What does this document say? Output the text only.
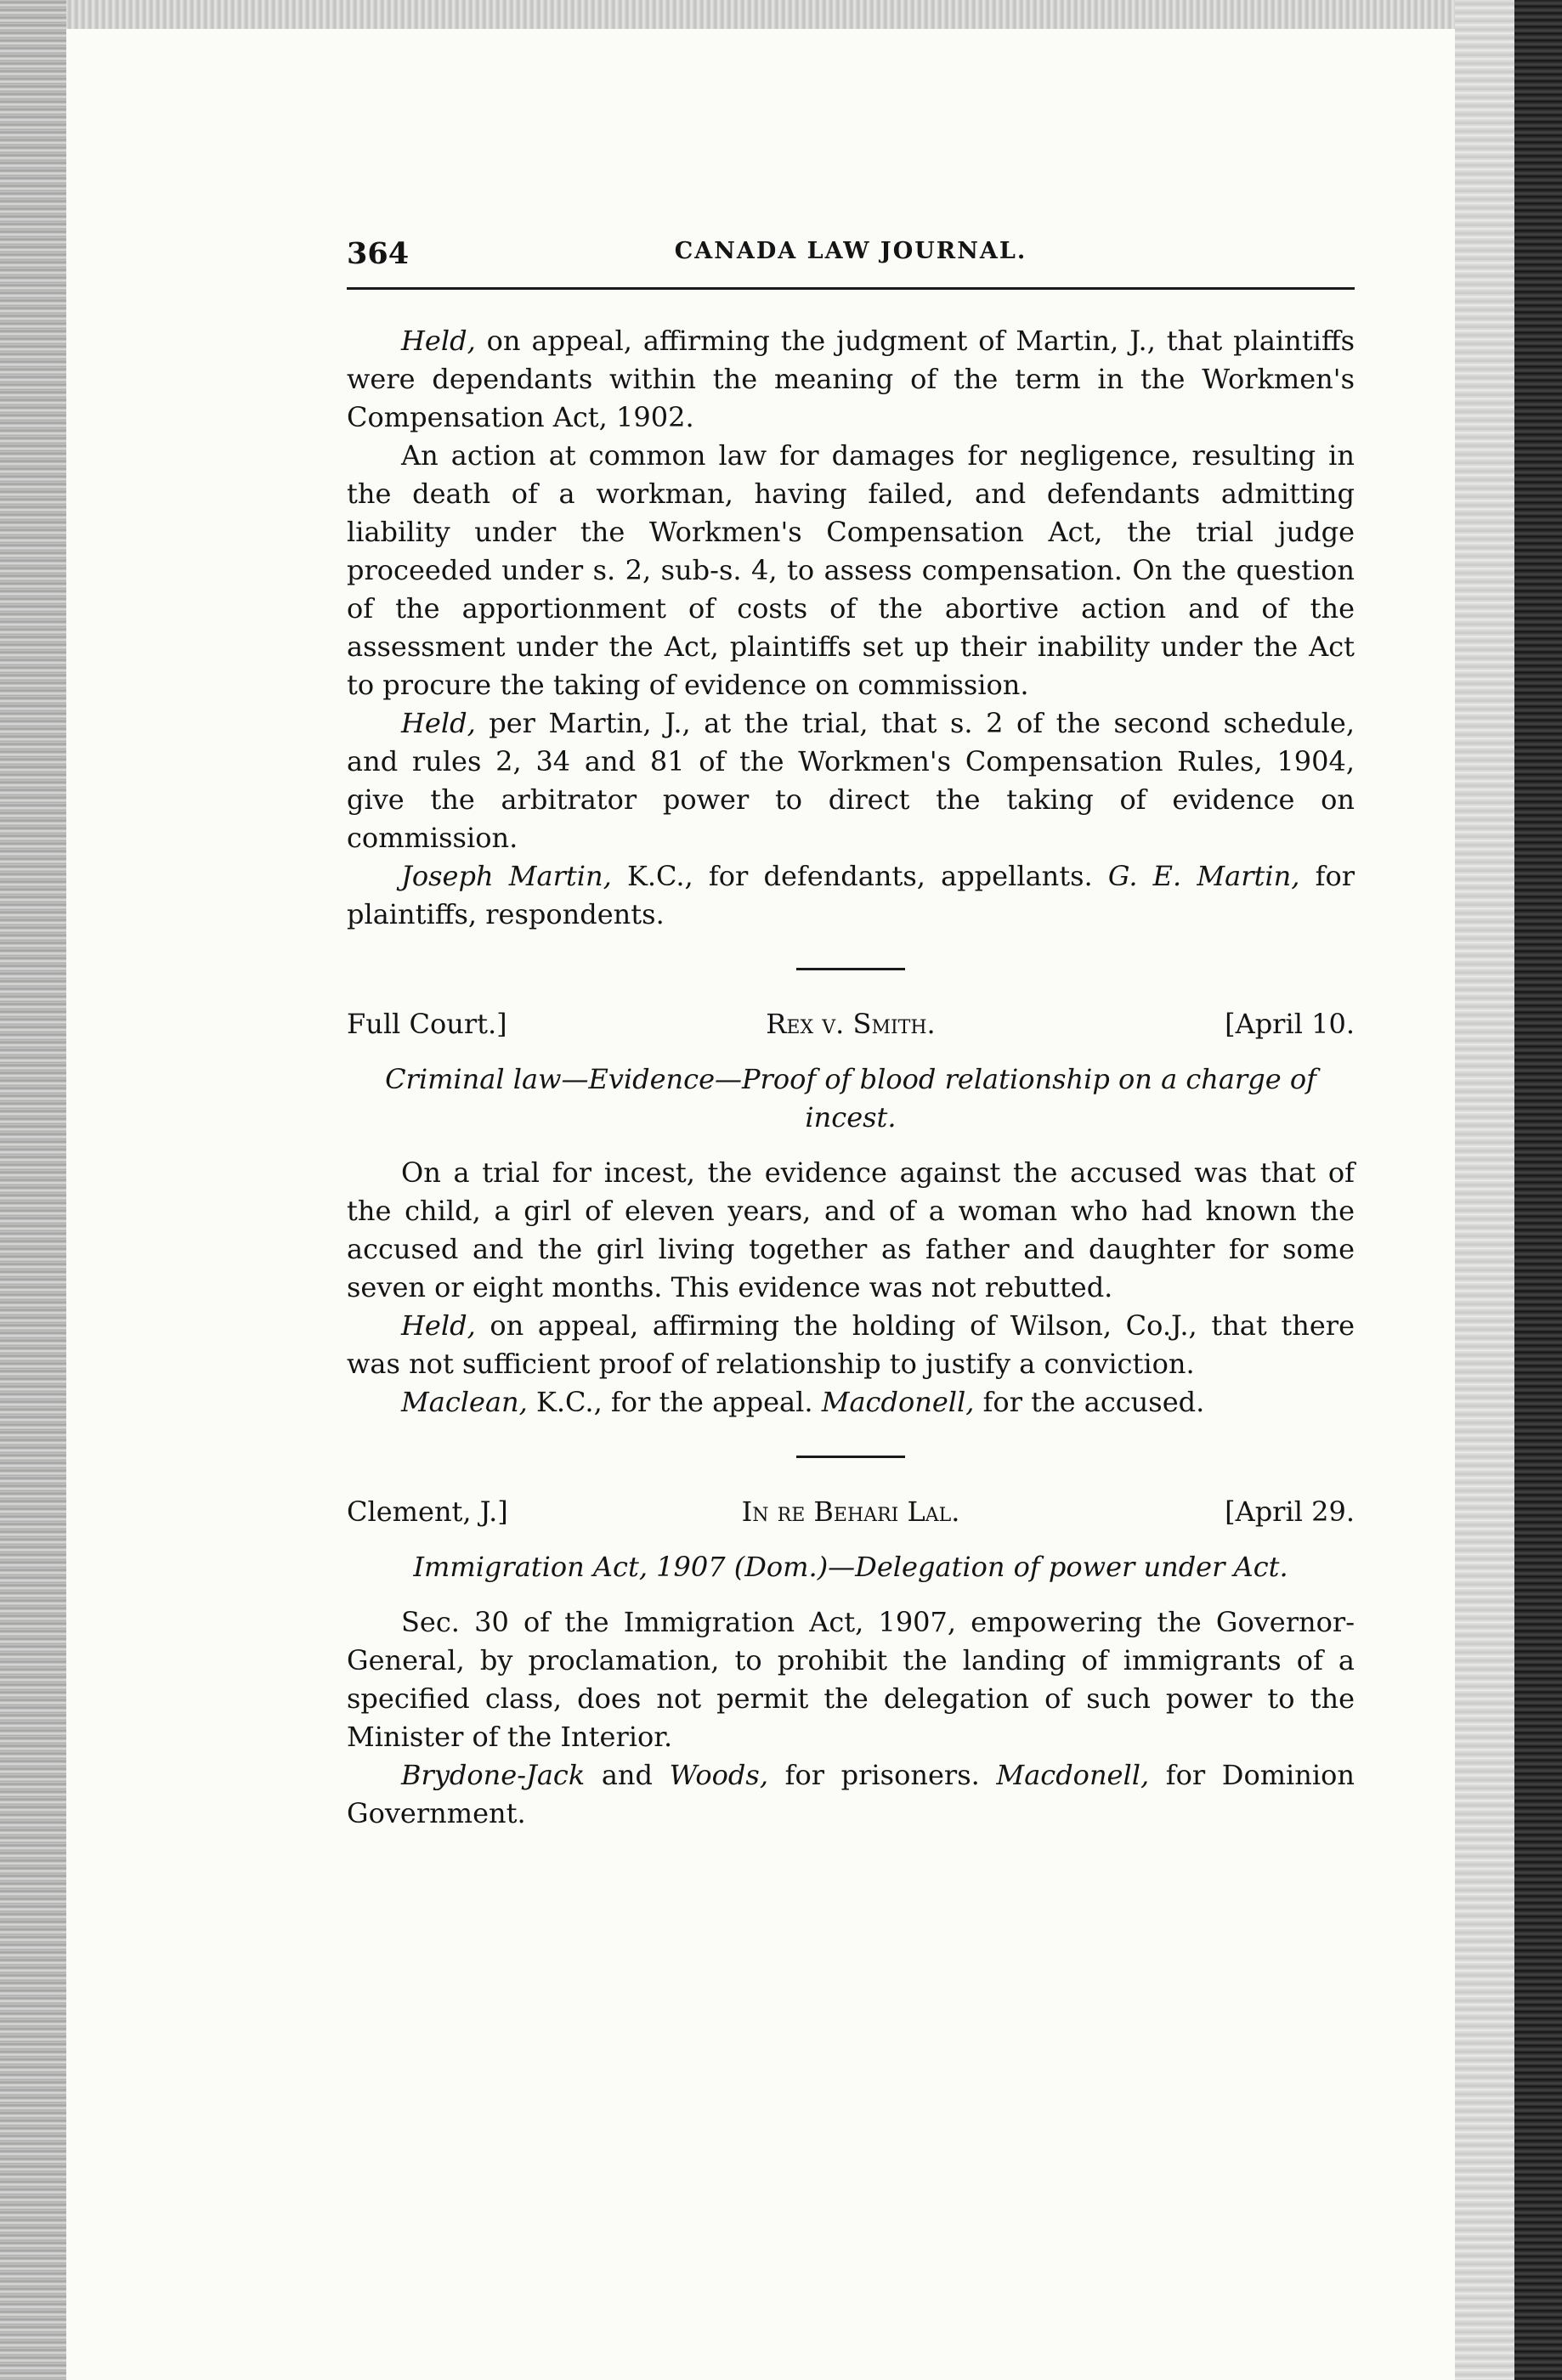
364	CANADA LAW JOURNAL.

Held, on appeal, affirming the judgment of Martin, J., that plaintiffs were dependants within the meaning of the term in the Workmen's Compensation Act, 1902.

An action at common law for damages for negligence, resulting in the death of a workman, having failed, and defendants admitting liability under the Workmen's Compensation Act, the trial judge proceeded under s. 2, sub-s. 4, to assess compensation. On the question of the apportionment of costs of the abortive action and of the assessment under the Act, plaintiffs set up their inability under the Act to procure the taking of evidence on commission.

Held, per Martin, J., at the trial, that s. 2 of the second schedule, and rules 2, 34 and 81 of the Workmen's Compensation Rules, 1904, give the arbitrator power to direct the taking of evidence on commission.

Joseph Martin, K.C., for defendants, appellants. G. E. Martin, for plaintiffs, respondents.

Full Court.]	Rex v. Smith.	[April 10.

Criminal law—Evidence—Proof of blood relationship on a charge of incest.

On a trial for incest, the evidence against the accused was that of the child, a girl of eleven years, and of a woman who had known the accused and the girl living together as father and daughter for some seven or eight months. This evidence was not rebutted.

Held, on appeal, affirming the holding of Wilson, Co.J., that there was not sufficient proof of relationship to justify a conviction.

Maclean, K.C., for the appeal. Macdonell, for the accused.

Clement, J.]	In re Behari Lal.	[April 29.

Immigration Act, 1907 (Dom.)—Delegation of power under Act.

Sec. 30 of the Immigration Act, 1907, empowering the Governor-General, by proclamation, to prohibit the landing of immigrants of a specified class, does not permit the delegation of such power to the Minister of the Interior.

Brydone-Jack and Woods, for prisoners. Macdonell, for Dominion Government.
